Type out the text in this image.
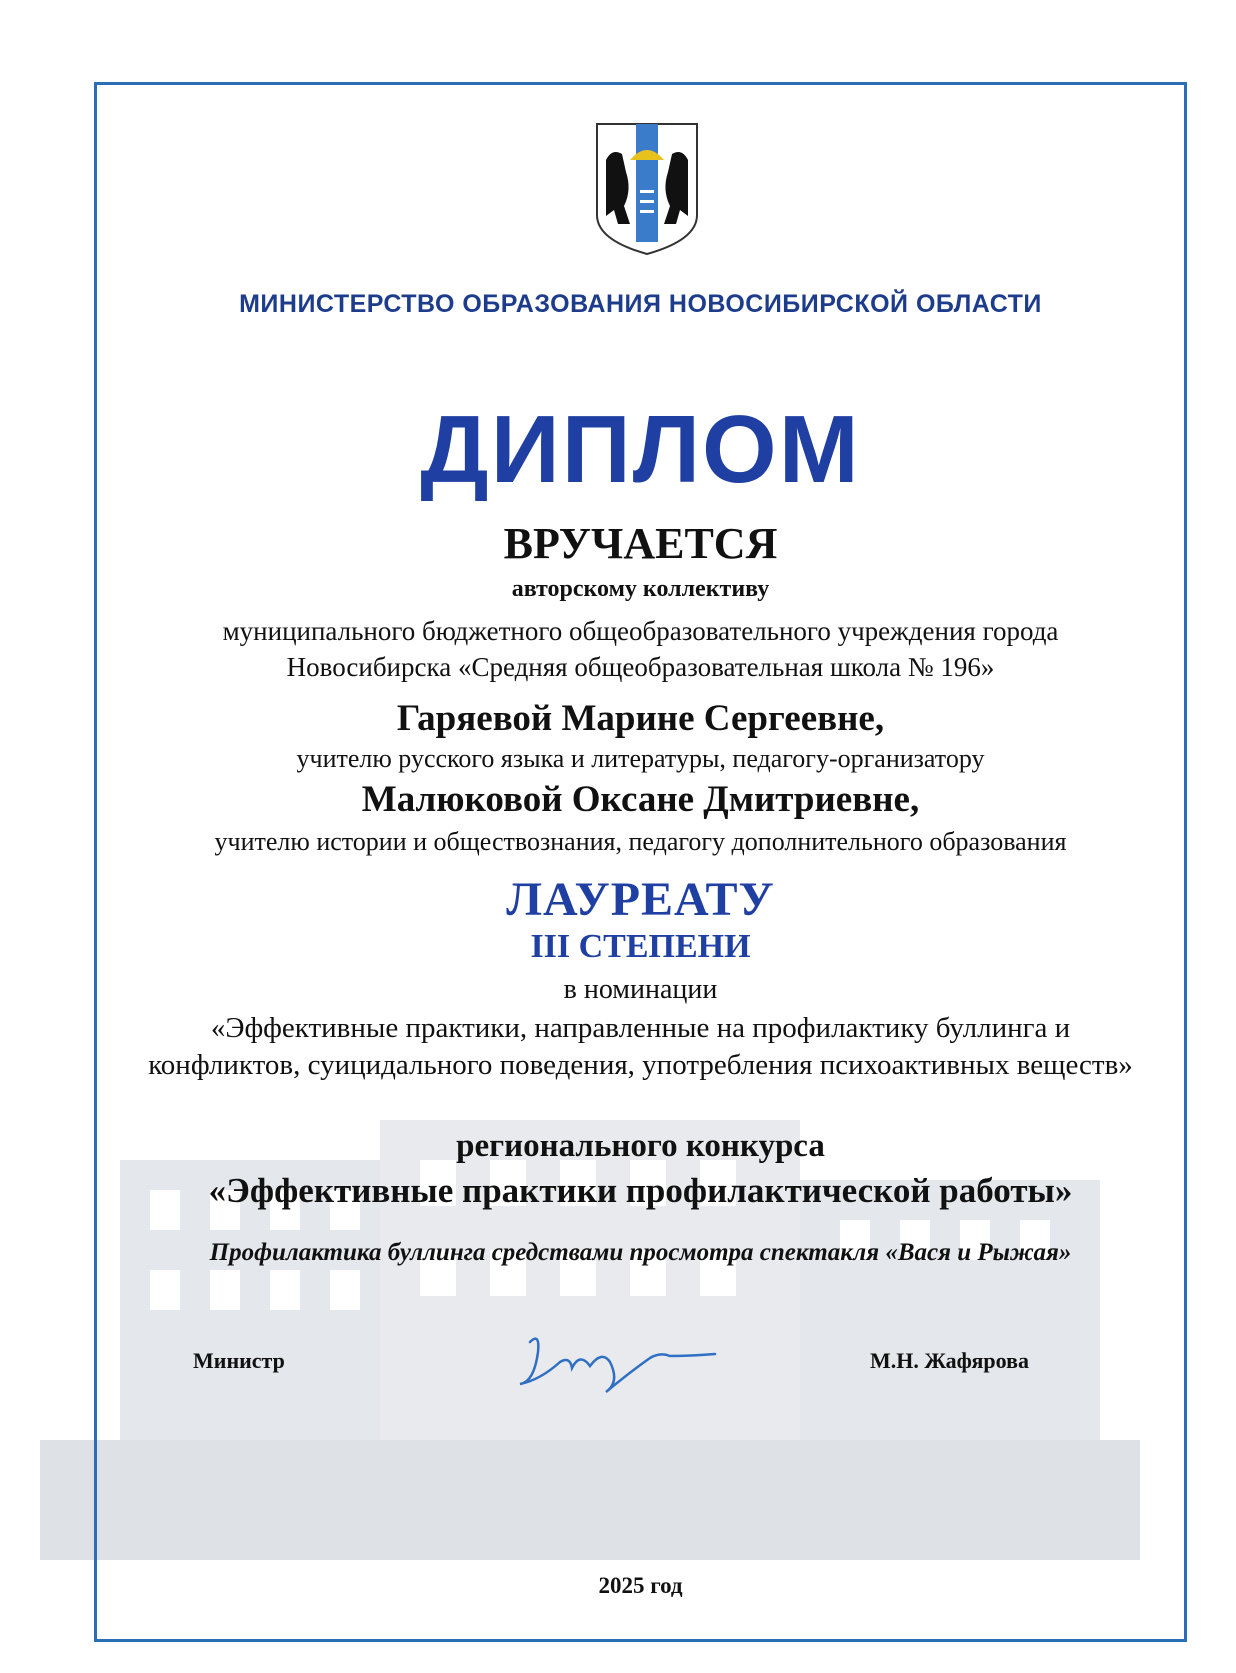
МИНИСТЕРСТВО ОБРАЗОВАНИЯ НОВОСИБИРСКОЙ ОБЛАСТИ
ДИПЛОМ
ВРУЧАЕТСЯ
авторскому коллективу
муниципального бюджетного общеобразовательного учреждения города Новосибирска «Средняя общеобразовательная школа № 196»
Гаряевой Марине Сергеевне,
учителю русского языка и литературы, педагогу-организатору
Малюковой Оксане Дмитриевне,
учителю истории и обществознания, педагогу дополнительного образования
ЛАУРЕАТУ
III СТЕПЕНИ
в номинации
«Эффективные практики, направленные на профилактику буллинга и конфликтов, суицидального поведения, употребления психоактивных веществ»
регионального конкурса
«Эффективные практики профилактической работы»
Профилактика буллинга средствами просмотра спектакля «Вася и Рыжая»
Министр	М.Н. Жафярова
2025 год
